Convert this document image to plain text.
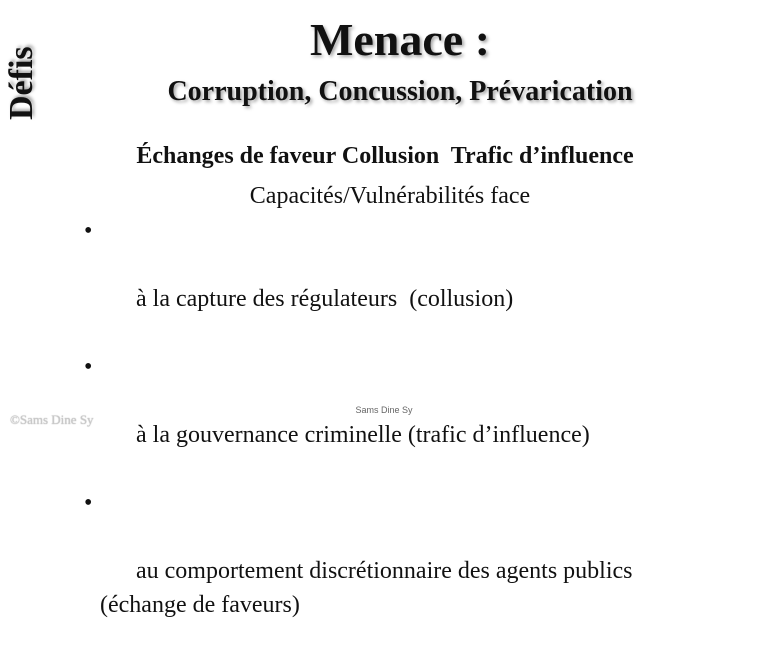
Défis
Menace :
Corruption, Concussion, Prévarication
Échanges de faveur Collusion  Trafic d’influence
Capacités/Vulnérabilités face

•

à la capture des régulateurs  (collusion)

•

à la gouvernance criminelle (trafic d’influence)

•

au comportement discrétionnaire des agents publics
(échange de faveurs)

Sams Dine Sy
©Sams Dine Sy
